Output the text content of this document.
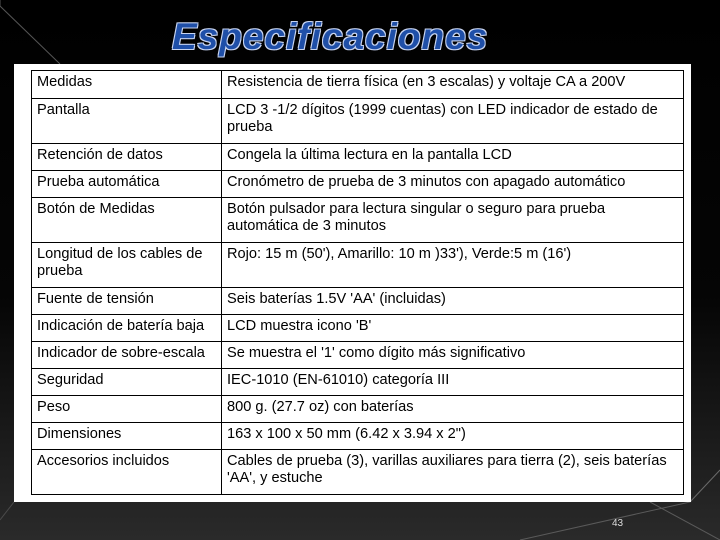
Especificaciones
Medidas	Resistencia de tierra física (en 3 escalas) y voltaje CA a 200V
Pantalla	LCD 3 -1/2 dígitos (1999 cuentas) con LED indicador de estado de prueba
Retención de datos	Congela la última lectura en la pantalla LCD
Prueba automática	Cronómetro de prueba de 3 minutos con apagado automático
Botón de Medidas	Botón pulsador para lectura singular o seguro para prueba automática de 3 minutos
Longitud de los cables de prueba	Rojo: 15 m (50'), Amarillo: 10 m )33'), Verde:5 m (16')
Fuente de tensión	Seis baterías 1.5V 'AA' (incluidas)
Indicación de batería baja	LCD muestra icono 'B'
Indicador de sobre-escala	Se muestra el '1' como dígito más significativo
Seguridad	IEC-1010 (EN-61010) categoría III
Peso	800 g. (27.7 oz) con baterías
Dimensiones	163 x 100 x 50 mm (6.42 x 3.94 x 2")
Accesorios incluidos	Cables de prueba (3), varillas auxiliares para tierra (2), seis baterías 'AA', y estuche
43
